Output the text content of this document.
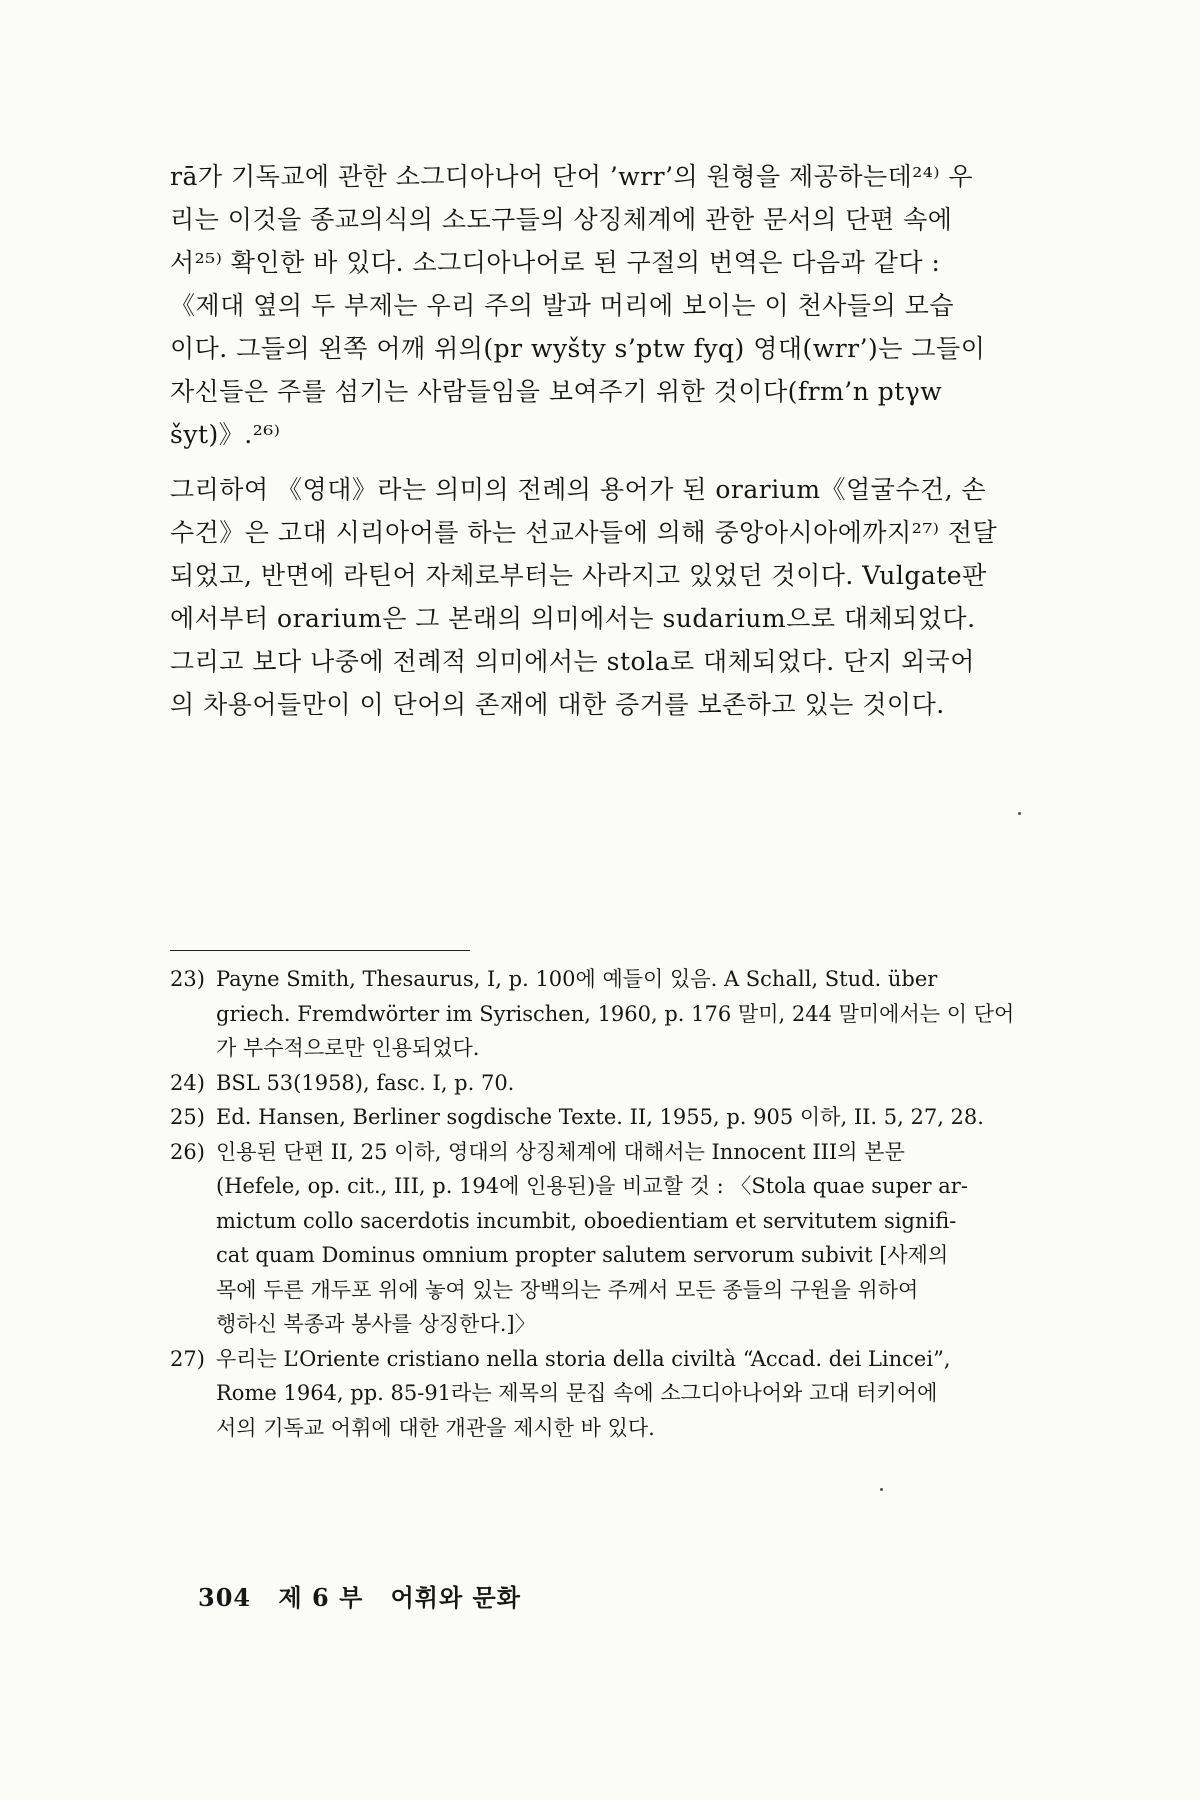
rā가 기독교에 관한 소그디아나어 단어 ’wrr’의 원형을 제공하는데²⁴⁾ 우
리는 이것을 종교의식의 소도구들의 상징체계에 관한 문서의 단편 속에
서²⁵⁾ 확인한 바 있다. 소그디아나어로 된 구절의 번역은 다음과 같다 :
《제대 옆의 두 부제는 우리 주의 발과 머리에 보이는 이 천사들의 모습
이다. 그들의 왼쪽 어깨 위의(pr wyšty s’ptw fyq) 영대(wrr’)는 그들이
자신들은 주를 섬기는 사람들임을 보여주기 위한 것이다(frm’n ptγw
šyt)》.²⁶⁾

그리하여 《영대》라는 의미의 전례의 용어가 된 orarium《얼굴수건, 손
수건》은 고대 시리아어를 하는 선교사들에 의해 중앙아시아에까지²⁷⁾ 전달
되었고, 반면에 라틴어 자체로부터는 사라지고 있었던 것이다. Vulgate판
에서부터 orarium은 그 본래의 의미에서는 sudarium으로 대체되었다.
그리고 보다 나중에 전례적 의미에서는 stola로 대체되었다. 단지 외국어
의 차용어들만이 이 단어의 존재에 대한 증거를 보존하고 있는 것이다.

23) Payne Smith, Thesaurus, I, p. 100에 예들이 있음. A Schall, Stud. über
griech. Fremdwörter im Syrischen, 1960, p. 176 말미, 244 말미에서는 이 단어
가 부수적으로만 인용되었다.

24) BSL 53(1958), fasc. I, p. 70.

25) Ed. Hansen, Berliner sogdische Texte. II, 1955, p. 905 이하, II. 5, 27, 28.

26) 인용된 단편 II, 25 이하, 영대의 상징체계에 대해서는 Innocent III의 본문
(Hefele, op. cit., III, p. 194에 인용된)을 비교할 것 : 〈Stola quae super ar-
mictum collo sacerdotis incumbit, oboedientiam et servitutem signifi-
cat quam Dominus omnium propter salutem servorum subivit [사제의
목에 두른 개두포 위에 놓여 있는 장백의는 주께서 모든 종들의 구원을 위하여
행하신 복종과 봉사를 상징한다.]〉

27) 우리는 L’Oriente cristiano nella storia della civiltà “Accad. dei Lincei”,
Rome 1964, pp. 85-91라는 제목의 문집 속에 소그디아나어와 고대 터키어에
서의 기독교 어휘에 대한 개관을 제시한 바 있다.

304 제 6 부 어휘와 문화
